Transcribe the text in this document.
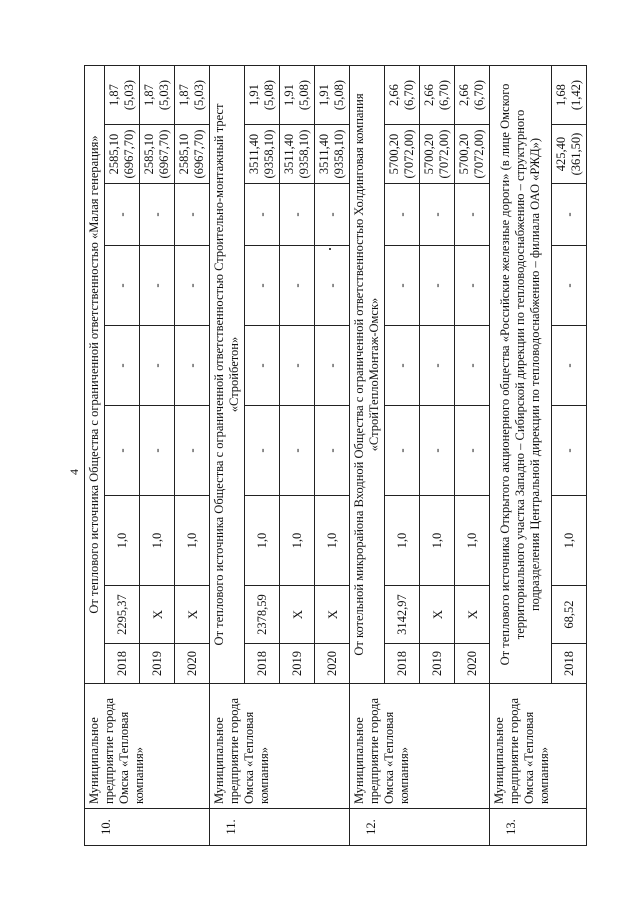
4
10.	Муниципальное предприятие города Омска «Тепловая компания»	От теплового источника Общества с ограниченной ответственностью «Малая генерация»									
		2018	2295,37	1,0	-	-	-	-	2585,10 (6967,70)	1,87 (5,03)	
		2019	Х	1,0	-	-	-	-	2585,10 (6967,70)	1,87 (5,03)	
		2020	Х	1,0	-	-	-	-	2585,10 (6967,70)	1,87 (5,03)	
11.	Муниципальное предприятие города Омска «Тепловая компания»	От теплового источника Общества с ограниченной ответственностью Строительно-монтажный трест «Стройбетон»									
		2018	2378,59	1,0	-	-	-	-	3511,40 (9358,10)	1,91 (5,08)	
		2019	Х	1,0	-	-	-	-	3511,40 (9358,10)	1,91 (5,08)	
		2020	Х	1,0	-	-	-	-	3511,40 (9358,10)	1,91 (5,08)	
12.	Муниципальное предприятие города Омска «Тепловая компания»	От котельной микрорайона Входной Общества с ограниченной ответственностью Холдинговая компания «СтройТеплоМонтаж-Омск»									
		2018	3142,97	1,0	-	-	-	-	5700,20 (7072,00)	2,66 (6,70)	
		2019	Х	1,0	-	-	-	-	5700,20 (7072,00)	2,66 (6,70)	
		2020	Х	1,0	-	-	-	-	5700,20 (7072,00)	2,66 (6,70)	
13.	Муниципальное предприятие города Омска «Тепловая компания»	От теплового источника Открытого акционерного общества «Российские железные дороги» (в лице Омского территориального участка Западно – Сибирской дирекции по тепловодоснабжению – структурного подразделения Центральной дирекции по тепловодоснабжению – филиала ОАО «РЖД»)									
		2018	68,52	1,0	-	-	-	-	425,40 (361,50)	1,68 (1,42)	
